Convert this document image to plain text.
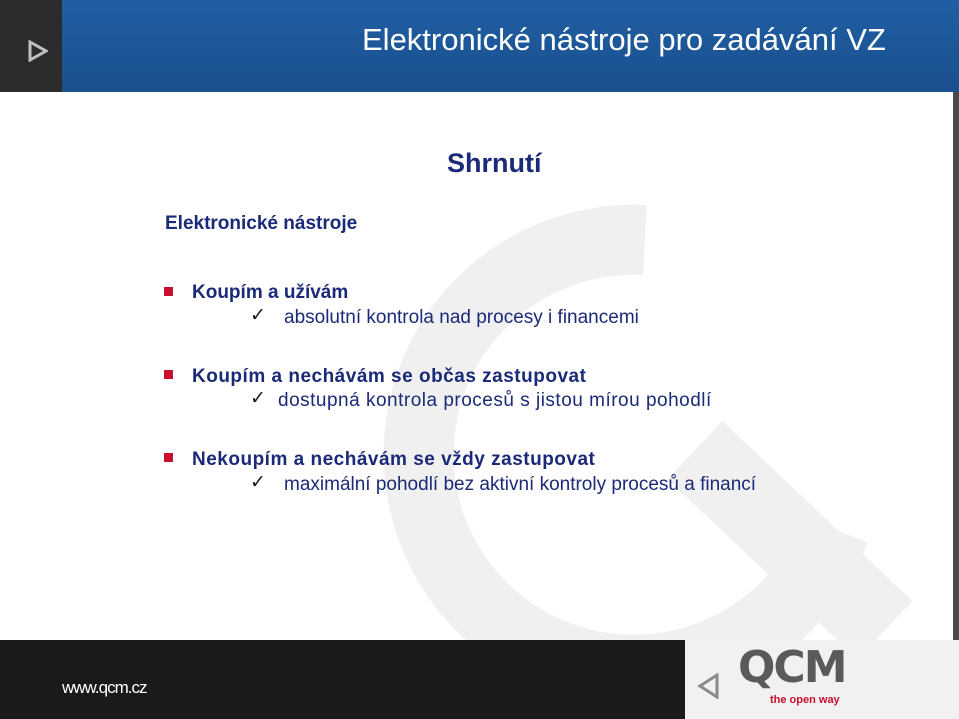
Elektronické nástroje pro zadávání VZ
Shrnutí
Elektronické nástroje
Koupím a užívám
✓ absolutní kontrola nad procesy i financemi
Koupím a nechávám se občas zastupovat
✓ dostupná kontrola procesů s jistou mírou pohodlí
Nekoupím a nechávám se vždy zastupovat
✓ maximální pohodlí bez aktivní kontroly procesů a financí
www.qcm.cz	QCM
the open way
